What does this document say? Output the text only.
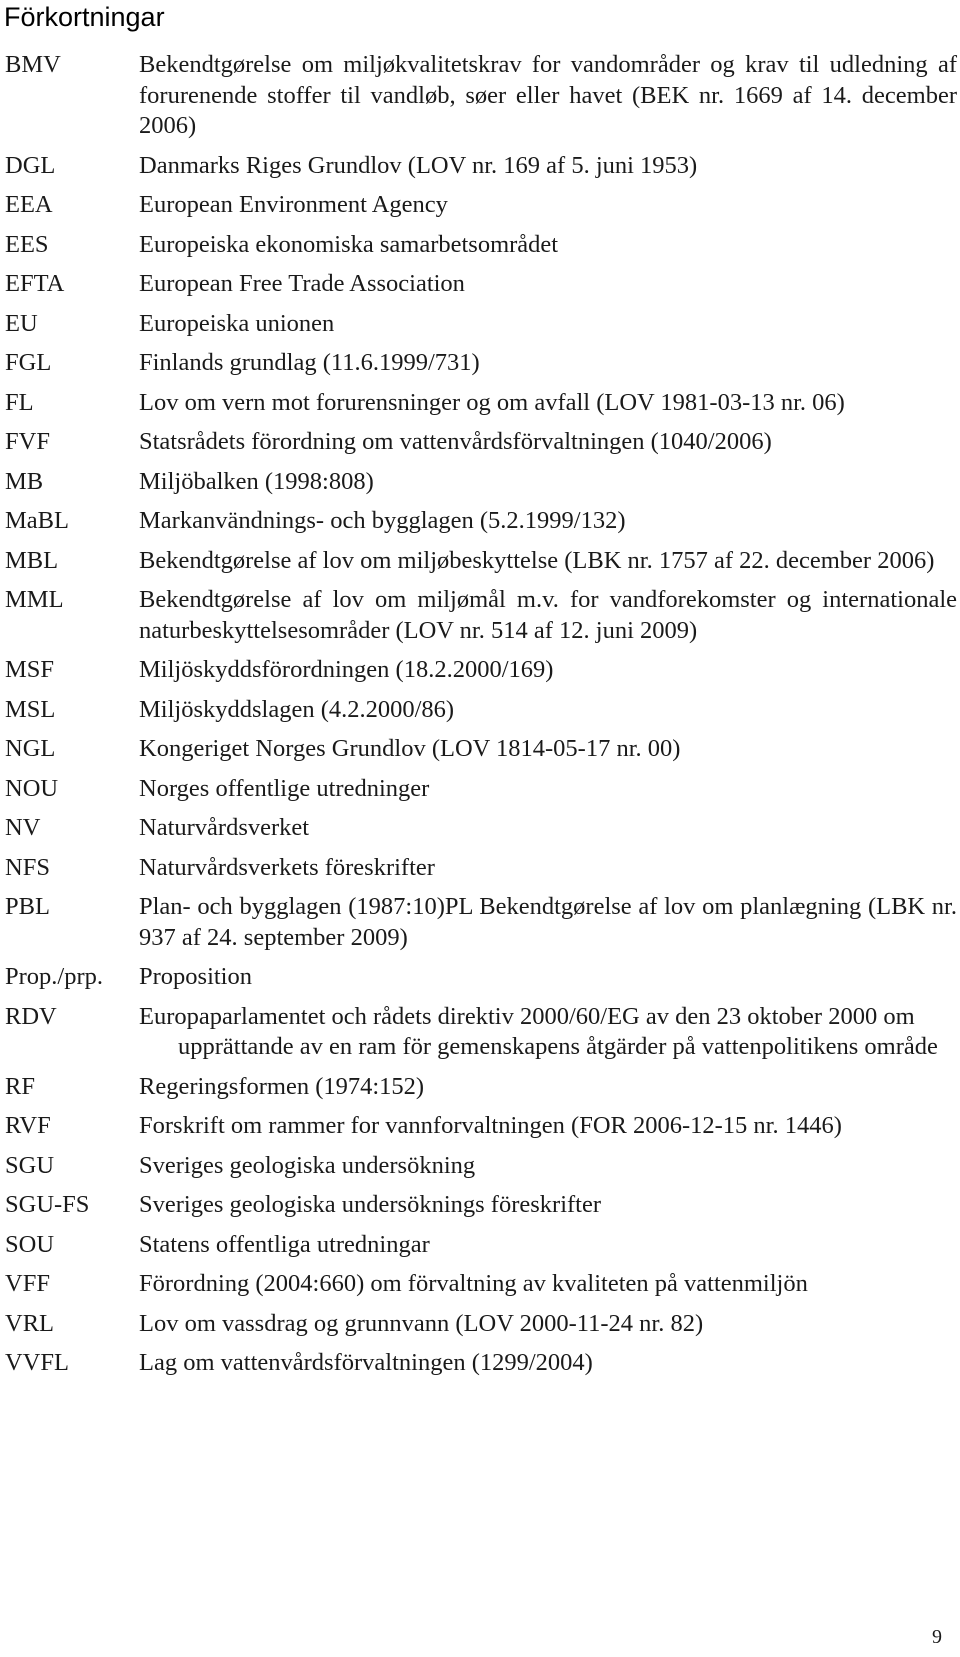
Förkortningar
BMV	Bekendtgørelse om miljøkvalitetskrav for vandområder og krav til udledning af forurenende stoffer til vandløb, søer eller havet (BEK nr. 1669 af 14. december 2006)
DGL	Danmarks Riges Grundlov (LOV nr. 169 af 5. juni 1953)
EEA	European Environment Agency
EES	Europeiska ekonomiska samarbetsområdet
EFTA	European Free Trade Association
EU	Europeiska unionen
FGL	Finlands grundlag (11.6.1999/731)
FL	Lov om vern mot forurensninger og om avfall (LOV 1981-03-13 nr. 06)
FVF	Statsrådets förordning om vattenvårdsförvaltningen (1040/2006)
MB	Miljöbalken (1998:808)
MaBL	Markanvändnings- och bygglagen (5.2.1999/132)
MBL	Bekendtgørelse af lov om miljøbeskyttelse (LBK nr. 1757 af 22. december 2006)
MML	Bekendtgørelse af lov om miljømål m.v. for vandforekomster og internationale naturbeskyttelsesområder (LOV nr. 514 af 12. juni 2009)
MSF	Miljöskyddsförordningen (18.2.2000/169)
MSL	Miljöskyddslagen (4.2.2000/86)
NGL	Kongeriget Norges Grundlov (LOV 1814-05-17 nr. 00)
NOU	Norges offentlige utredninger
NV	Naturvårdsverket
NFS	Naturvårdsverkets föreskrifter
PBL	Plan- och bygglagen (1987:10)PL Bekendtgørelse af lov om planlægning (LBK nr. 937 af 24. september 2009)
Prop./prp. Proposition
RDV	Europaparlamentet och rådets direktiv 2000/60/EG av den 23 oktober 2000 om upprättande av en ram för gemenskapens åtgärder på vattenpolitikens område
RF	Regeringsformen (1974:152)
RVF	Forskrift om rammer for vannforvaltningen (FOR 2006-12-15 nr. 1446)
SGU	Sveriges geologiska undersökning
SGU-FS Sveriges geologiska undersöknings föreskrifter
SOU	Statens offentliga utredningar
VFF	Förordning (2004:660) om förvaltning av kvaliteten på vattenmiljön
VRL	Lov om vassdrag og grunnvann (LOV 2000-11-24 nr. 82)
VVFL	Lag om vattenvårdsförvaltningen (1299/2004)
9
